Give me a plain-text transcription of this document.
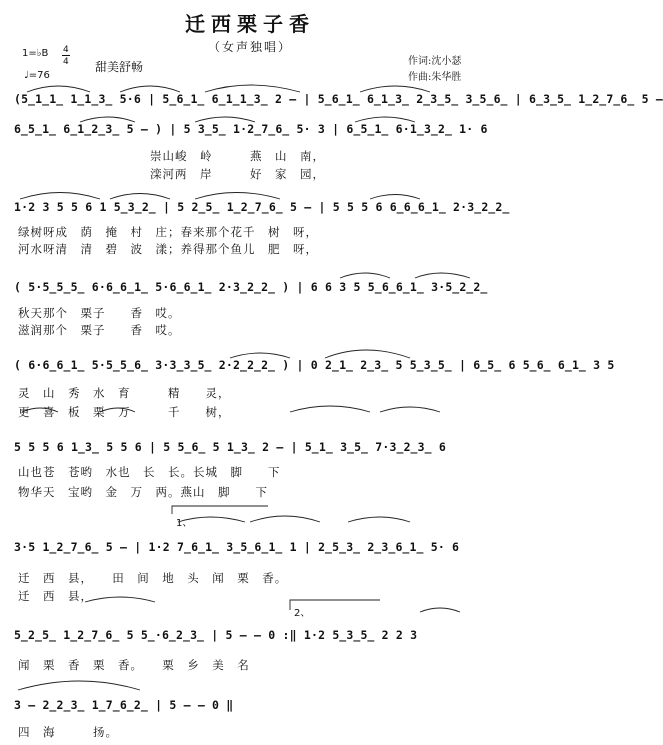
迁西栗子香
（女声独唱）
1=♭B 4
4
♩=76
甜美舒畅	作词:沈小瑟
作曲:朱华胜
(5̲1̲1̲ 1̲1̲3̲ 5·6 | 5̲6̲1̲ 6̲1̲1̲3̲ 2 – | 5̲6̲1̲ 6̲1̲3̲ 2̲3̲5̲ 3̲5̲6̲ | 6̲3̲5̲ 1̲2̲7̲6̲ 5 –
6̲5̲1̲ 6̲1̲2̲3̲ 5 – ) | 5 3̲5̲ 1·2̲7̲6̲ 5· 3 | 6̲5̲1̲ 6·1̲3̲2̲ 1· 6
崇山峻　岭　　　燕　山　南，
滦河两　岸　　　好　家　园，
1·2 3 5 5 6 1 5̲3̲2̲ | 5 2̲5̲ 1̲2̲7̲6̲ 5 – | 5 5 5 6 6̲6̲6̲1̲ 2·3̲2̲2̲
绿树呀成　荫　掩　村　庄；春来那个花千　树　呀，
河水呀清　清　碧　波　漾；养得那个鱼儿　肥　呀，
( 5·5̲5̲5̲ 6·6̲6̲1̲ 5·6̲6̲1̲ 2·3̲2̲2̲ ) | 6 6 3 5 5̲6̲6̲1̲ 3·5̲2̲2̲
秋天那个　栗子　　香　哎。
滋润那个　栗子　　香　哎。
( 6·6̲6̲1̲ 5·5̲5̲6̲ 3·3̲3̲5̲ 2·2̲2̲2̲ ) | 0 2̲1̲ 2̲3̲ 5 5̲3̲5̲ | 6̲5̲ 6 5̲6̲ 6̲1̲ 3 5
灵　山　秀　水　育　　　精　　灵，
更　喜　板　栗　万　　　千　　树，
5 5 5 6 1̲3̲ 5 5 6 | 5 5̲6̲ 5 1̲3̲ 2 – | 5̲1̲ 3̲5̲ 7·3̲2̲3̲ 6
山也苍　苍哟　水也　长　长。长城　脚　　下
物华天　宝哟　金　万　两。燕山　脚　　下
3·5 1̲2̲7̲6̲ 5 – | 1·2 7̲6̲1̲ 3̲5̲6̲1̲ 1 | 2̲5̲3̲ 2̲3̲6̲1̲ 5· 6
1、
迁　西　县，　　田　间　地　头　闻　栗　香。
迁　西　县，
5̲2̲5̲ 1̲2̲7̲6̲ 5 5̲·6̲2̲3̲ | 5 – – 0 :‖ 1·2 5̲3̲5̲ 2 2 3
2、
闻　栗　香　栗　香。　　栗　乡　美　名
3 – 2̲2̲3̲ 1̲7̲6̲2̲ | 5 – – 0 ‖
四　海　　　扬。
